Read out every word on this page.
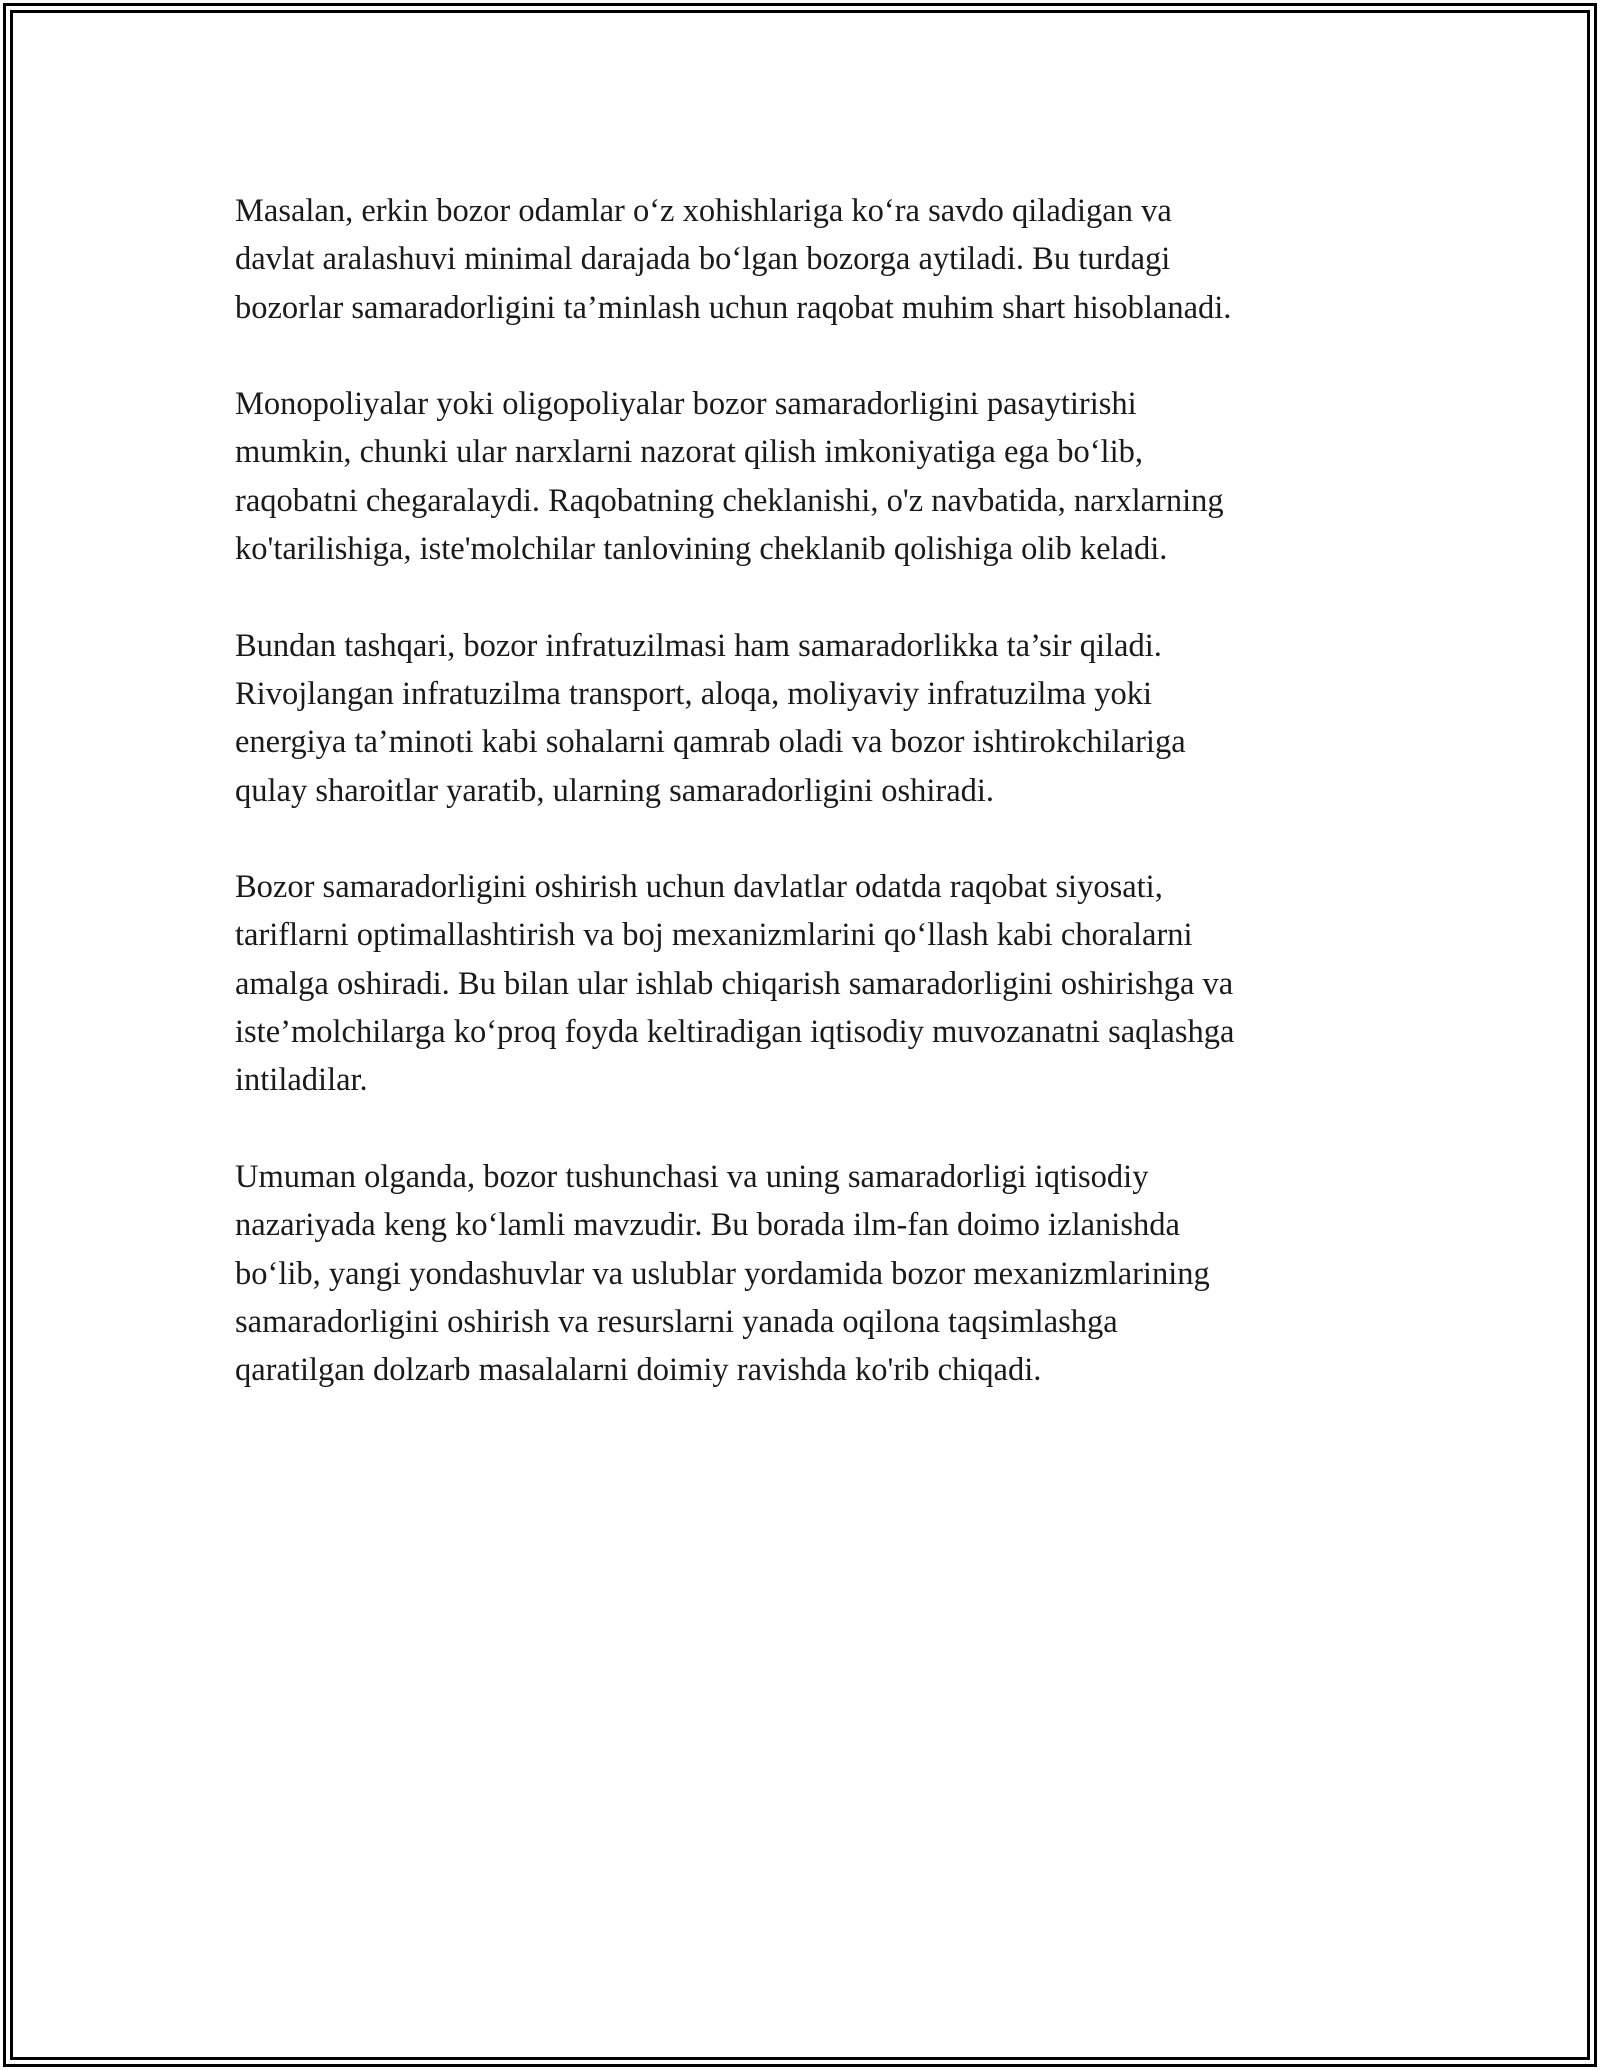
Masalan, erkin bozor odamlar o‘z xohishlariga ko‘ra savdo qiladigan va
davlat aralashuvi minimal darajada bo‘lgan bozorga aytiladi. Bu turdagi
bozorlar samaradorligini ta’minlash uchun raqobat muhim shart hisoblanadi.

Monopoliyalar yoki oligopoliyalar bozor samaradorligini pasaytirishi
mumkin, chunki ular narxlarni nazorat qilish imkoniyatiga ega bo‘lib,
raqobatni chegaralaydi. Raqobatning cheklanishi, o'z navbatida, narxlarning
ko'tarilishiga, iste'molchilar tanlovining cheklanib qolishiga olib keladi.

Bundan tashqari, bozor infratuzilmasi ham samaradorlikka ta’sir qiladi.
Rivojlangan infratuzilma transport, aloqa, moliyaviy infratuzilma yoki
energiya ta’minoti kabi sohalarni qamrab oladi va bozor ishtirokchilariga
qulay sharoitlar yaratib, ularning samaradorligini oshiradi.

Bozor samaradorligini oshirish uchun davlatlar odatda raqobat siyosati,
tariflarni optimallashtirish va boj mexanizmlarini qo‘llash kabi choralarni
amalga oshiradi. Bu bilan ular ishlab chiqarish samaradorligini oshirishga va
iste’molchilarga ko‘proq foyda keltiradigan iqtisodiy muvozanatni saqlashga
intiladilar.

Umuman olganda, bozor tushunchasi va uning samaradorligi iqtisodiy
nazariyada keng ko‘lamli mavzudir. Bu borada ilm-fan doimo izlanishda
bo‘lib, yangi yondashuvlar va uslublar yordamida bozor mexanizmlarining
samaradorligini oshirish va resurslarni yanada oqilona taqsimlashga
qaratilgan dolzarb masalalarni doimiy ravishda ko'rib chiqadi.
